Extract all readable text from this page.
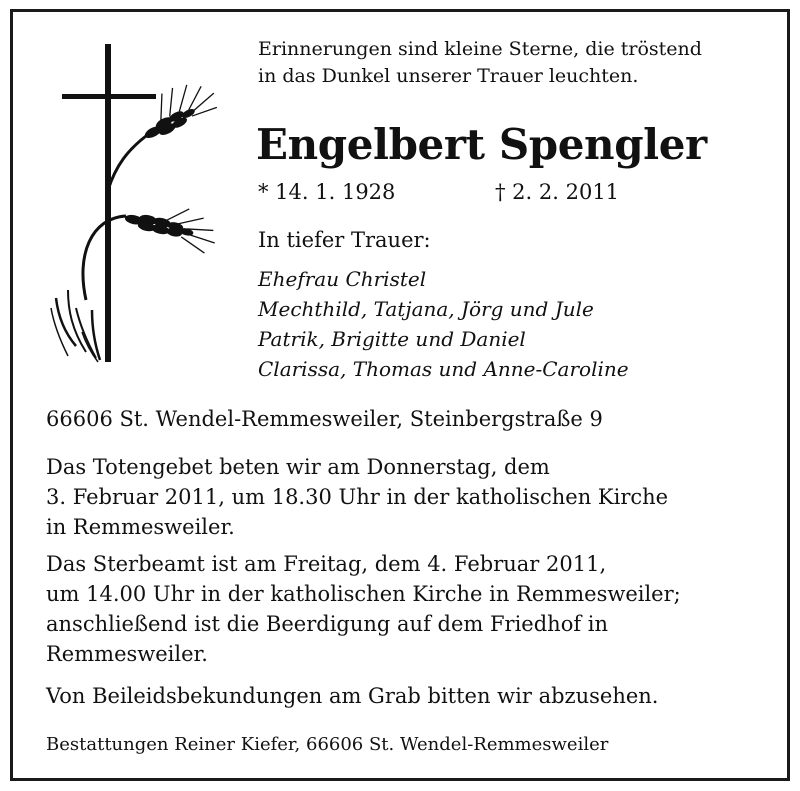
Erinnerungen sind kleine Sterne, die tröstend
in das Dunkel unserer Trauer leuchten.
Engelbert Spengler
* 14. 1. 1928	† 2. 2. 2011
In tiefer Trauer:
Ehefrau Christel
Mechthild, Tatjana, Jörg und Jule
Patrik, Brigitte und Daniel
Clarissa, Thomas und Anne-Caroline
66606 St. Wendel-Remmesweiler, Steinbergstraße 9
Das Totengebet beten wir am Donnerstag, dem
3. Februar 2011, um 18.30 Uhr in der katholischen Kirche
in Remmesweiler.
Das Sterbeamt ist am Freitag, dem 4. Februar 2011,
um 14.00 Uhr in der katholischen Kirche in Remmesweiler;
anschließend ist die Beerdigung auf dem Friedhof in
Remmesweiler.
Von Beileidsbekundungen am Grab bitten wir abzusehen.
Bestattungen Reiner Kiefer, 66606 St. Wendel-Remmesweiler
